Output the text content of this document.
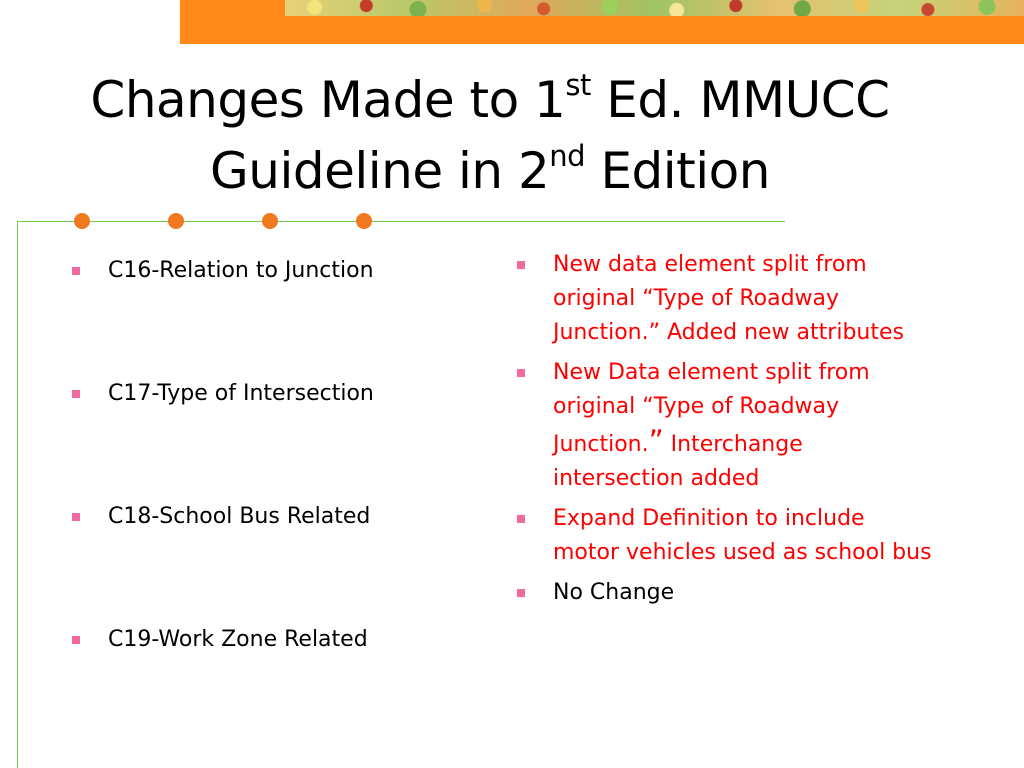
Changes Made to 1st Ed. MMUCC
Guideline in 2nd Edition
C16-Relation to Junction
C17-Type of Intersection
C18-School Bus Related
C19-Work Zone Related
New data element split from original “Type of Roadway Junction.” Added new attributes
New Data element split from original “Type of Roadway Junction.” Interchange intersection added
Expand Definition to include motor vehicles used as school bus
No Change
